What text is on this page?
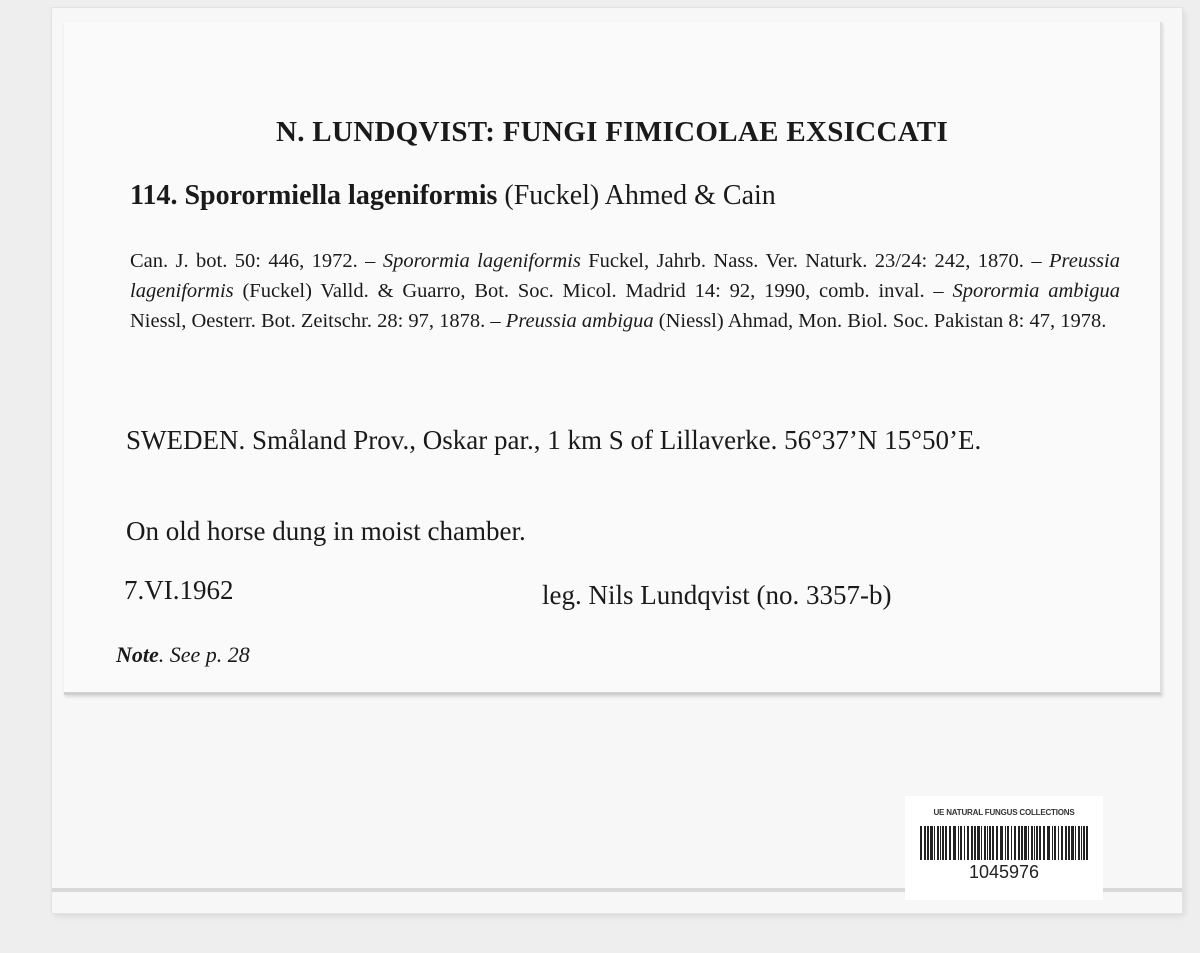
N. LUNDQVIST: FUNGI FIMICOLAE EXSICCATI

114. Sporormiella lageniformis (Fuckel) Ahmed & Cain

Can. J. bot. 50: 446, 1972. – Sporormia lageniformis Fuckel, Jahrb. Nass. Ver. Naturk. 23/24: 242, 1870. – Preussia lageniformis (Fuckel) Valld. & Guarro, Bot. Soc. Micol. Madrid 14: 92, 1990, comb. inval. – Sporormia ambigua Niessl, Oesterr. Bot. Zeitschr. 28: 97, 1878. – Preussia ambigua (Niessl) Ahmad, Mon. Biol. Soc. Pakistan 8: 47, 1978.

SWEDEN. Småland Prov., Oskar par., 1 km S of Lillaverke. 56°37’N 15°50’E.

On old horse dung in moist chamber.

7.VI.1962	leg. Nils Lundqvist (no. 3357-b)

Note. See p. 28

UE NATURAL FUNGUS COLLECTIONS
1045976
